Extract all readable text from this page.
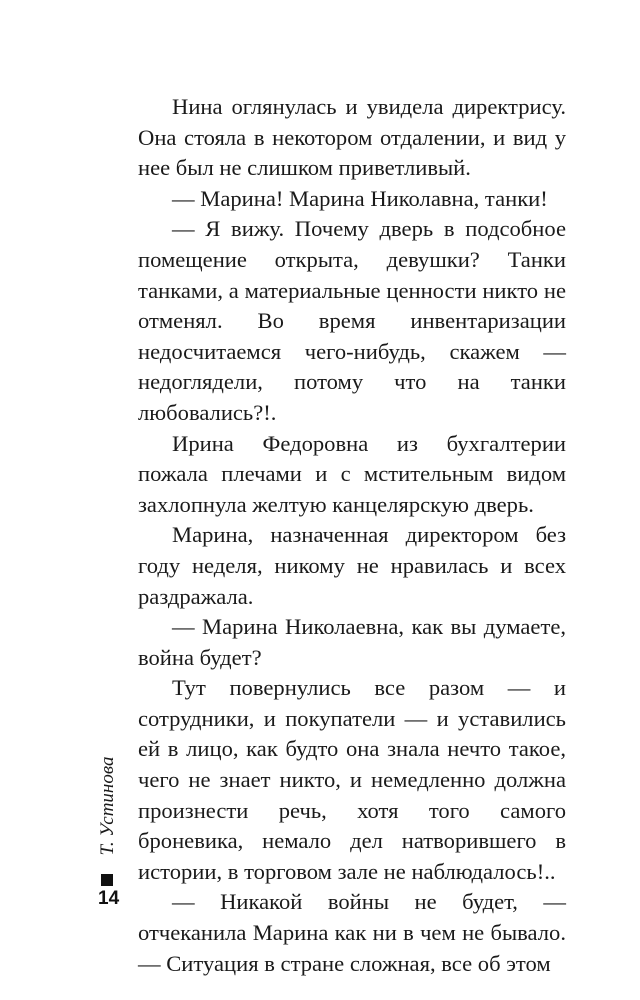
Нина оглянулась и увидела директрису. Она стояла в некотором отдалении, и вид у нее был не слишком приветливый.

— Марина! Марина Николавна, танки!

— Я вижу. Почему дверь в подсобное помещение открыта, девушки? Танки танками, а материальные ценности никто не отменял. Во время инвентаризации недосчитаемся чего-нибудь, скажем — недоглядели, потому что на танки любовались?!.

Ирина Федоровна из бухгалтерии пожала плечами и с мстительным видом захлопнула желтую канцелярскую дверь.

Марина, назначенная директором без году неделя, никому не нравилась и всех раздражала.

— Марина Николаевна, как вы думаете, война будет?

Тут повернулись все разом — и сотрудники, и покупатели — и уставились ей в лицо, как будто она знала нечто такое, чего не знает никто, и немедленно должна произнести речь, хотя того самого броневика, немало дел натворившего в истории, в торговом зале не наблюдалось!..

— Никакой войны не будет, — отчеканила Марина как ни в чем не бывало. — Ситуация в стране сложная, все об этом

Т. Устинова
14
